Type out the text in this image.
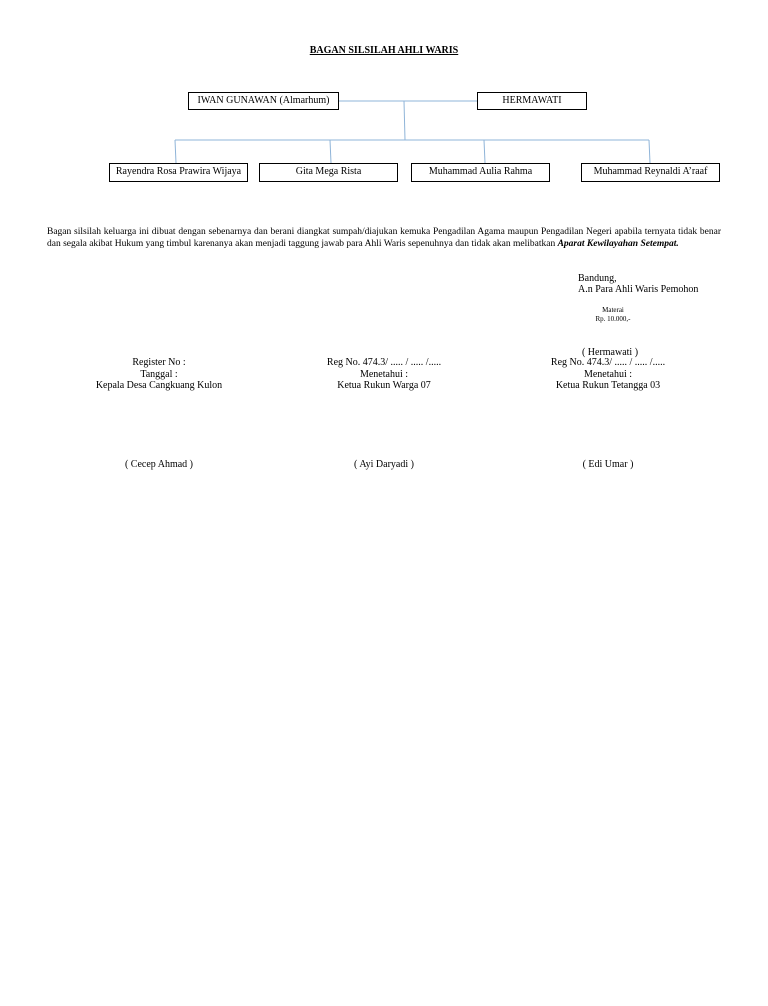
BAGAN SILSILAH AHLI WARIS
IWAN GUNAWAN (Almarhum)	HERMAWATI
Rayendra Rosa Prawira Wijaya	Gita Mega Rista	Muhammad Aulia Rahma	Muhammad Reynaldi A’raaf
Bagan silsilah keluarga ini dibuat dengan sebenarnya dan berani diangkat sumpah/diajukan kemuka Pengadilan Agama maupun Pengadilan Negeri apabila ternyata tidak benar dan segala akibat Hukum yang timbul karenanya akan menjadi taggung jawab para Ahli Waris sepenuhnya dan tidak akan melibatkan Aparat Kewilayahan Setempat.
Bandung,
A.n Para Ahli Waris Pemohon
Materai
Rp. 10.000,-
( Hermawati )
Register No :
Tanggal :
Kepala Desa Cangkuang Kulon
( Cecep Ahmad )
Reg No. 474.3/ ..... / ..... /.....
Menetahui :
Ketua Rukun Warga 07
( Ayi Daryadi )
Reg No. 474.3/ ..... / ..... /.....
Menetahui :
Ketua Rukun Tetangga 03
( Edi Umar )
